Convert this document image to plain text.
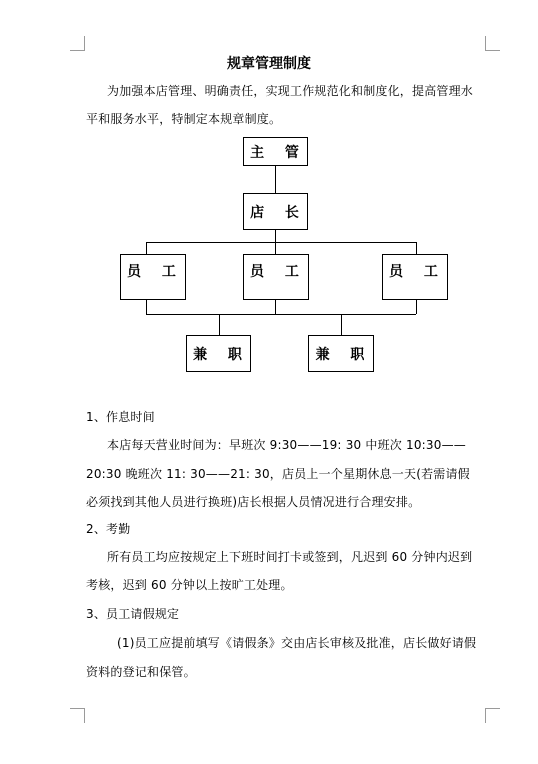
规章管理制度
为加强本店管理、明确责任，实现工作规范化和制度化，提高管理水
平和服务水平，特制定本规章制度。
主 管
店 长
员 工	员 工	员 工
兼 职	兼 职
1、作息时间
本店每天营业时间为：早班次 9:30——19: 30 中班次 10:30——
20:30 晚班次 11: 30——21: 30，店员上一个星期休息一天(若需请假
必须找到其他人员进行换班)店长根据人员情况进行合理安排。
2、考勤
所有员工均应按规定上下班时间打卡或签到，凡迟到 60 分钟内迟到
考核，迟到 60 分钟以上按旷工处理。
3、员工请假规定
(1)员工应提前填写《请假条》交由店长审核及批准，店长做好请假
资料的登记和保管。
